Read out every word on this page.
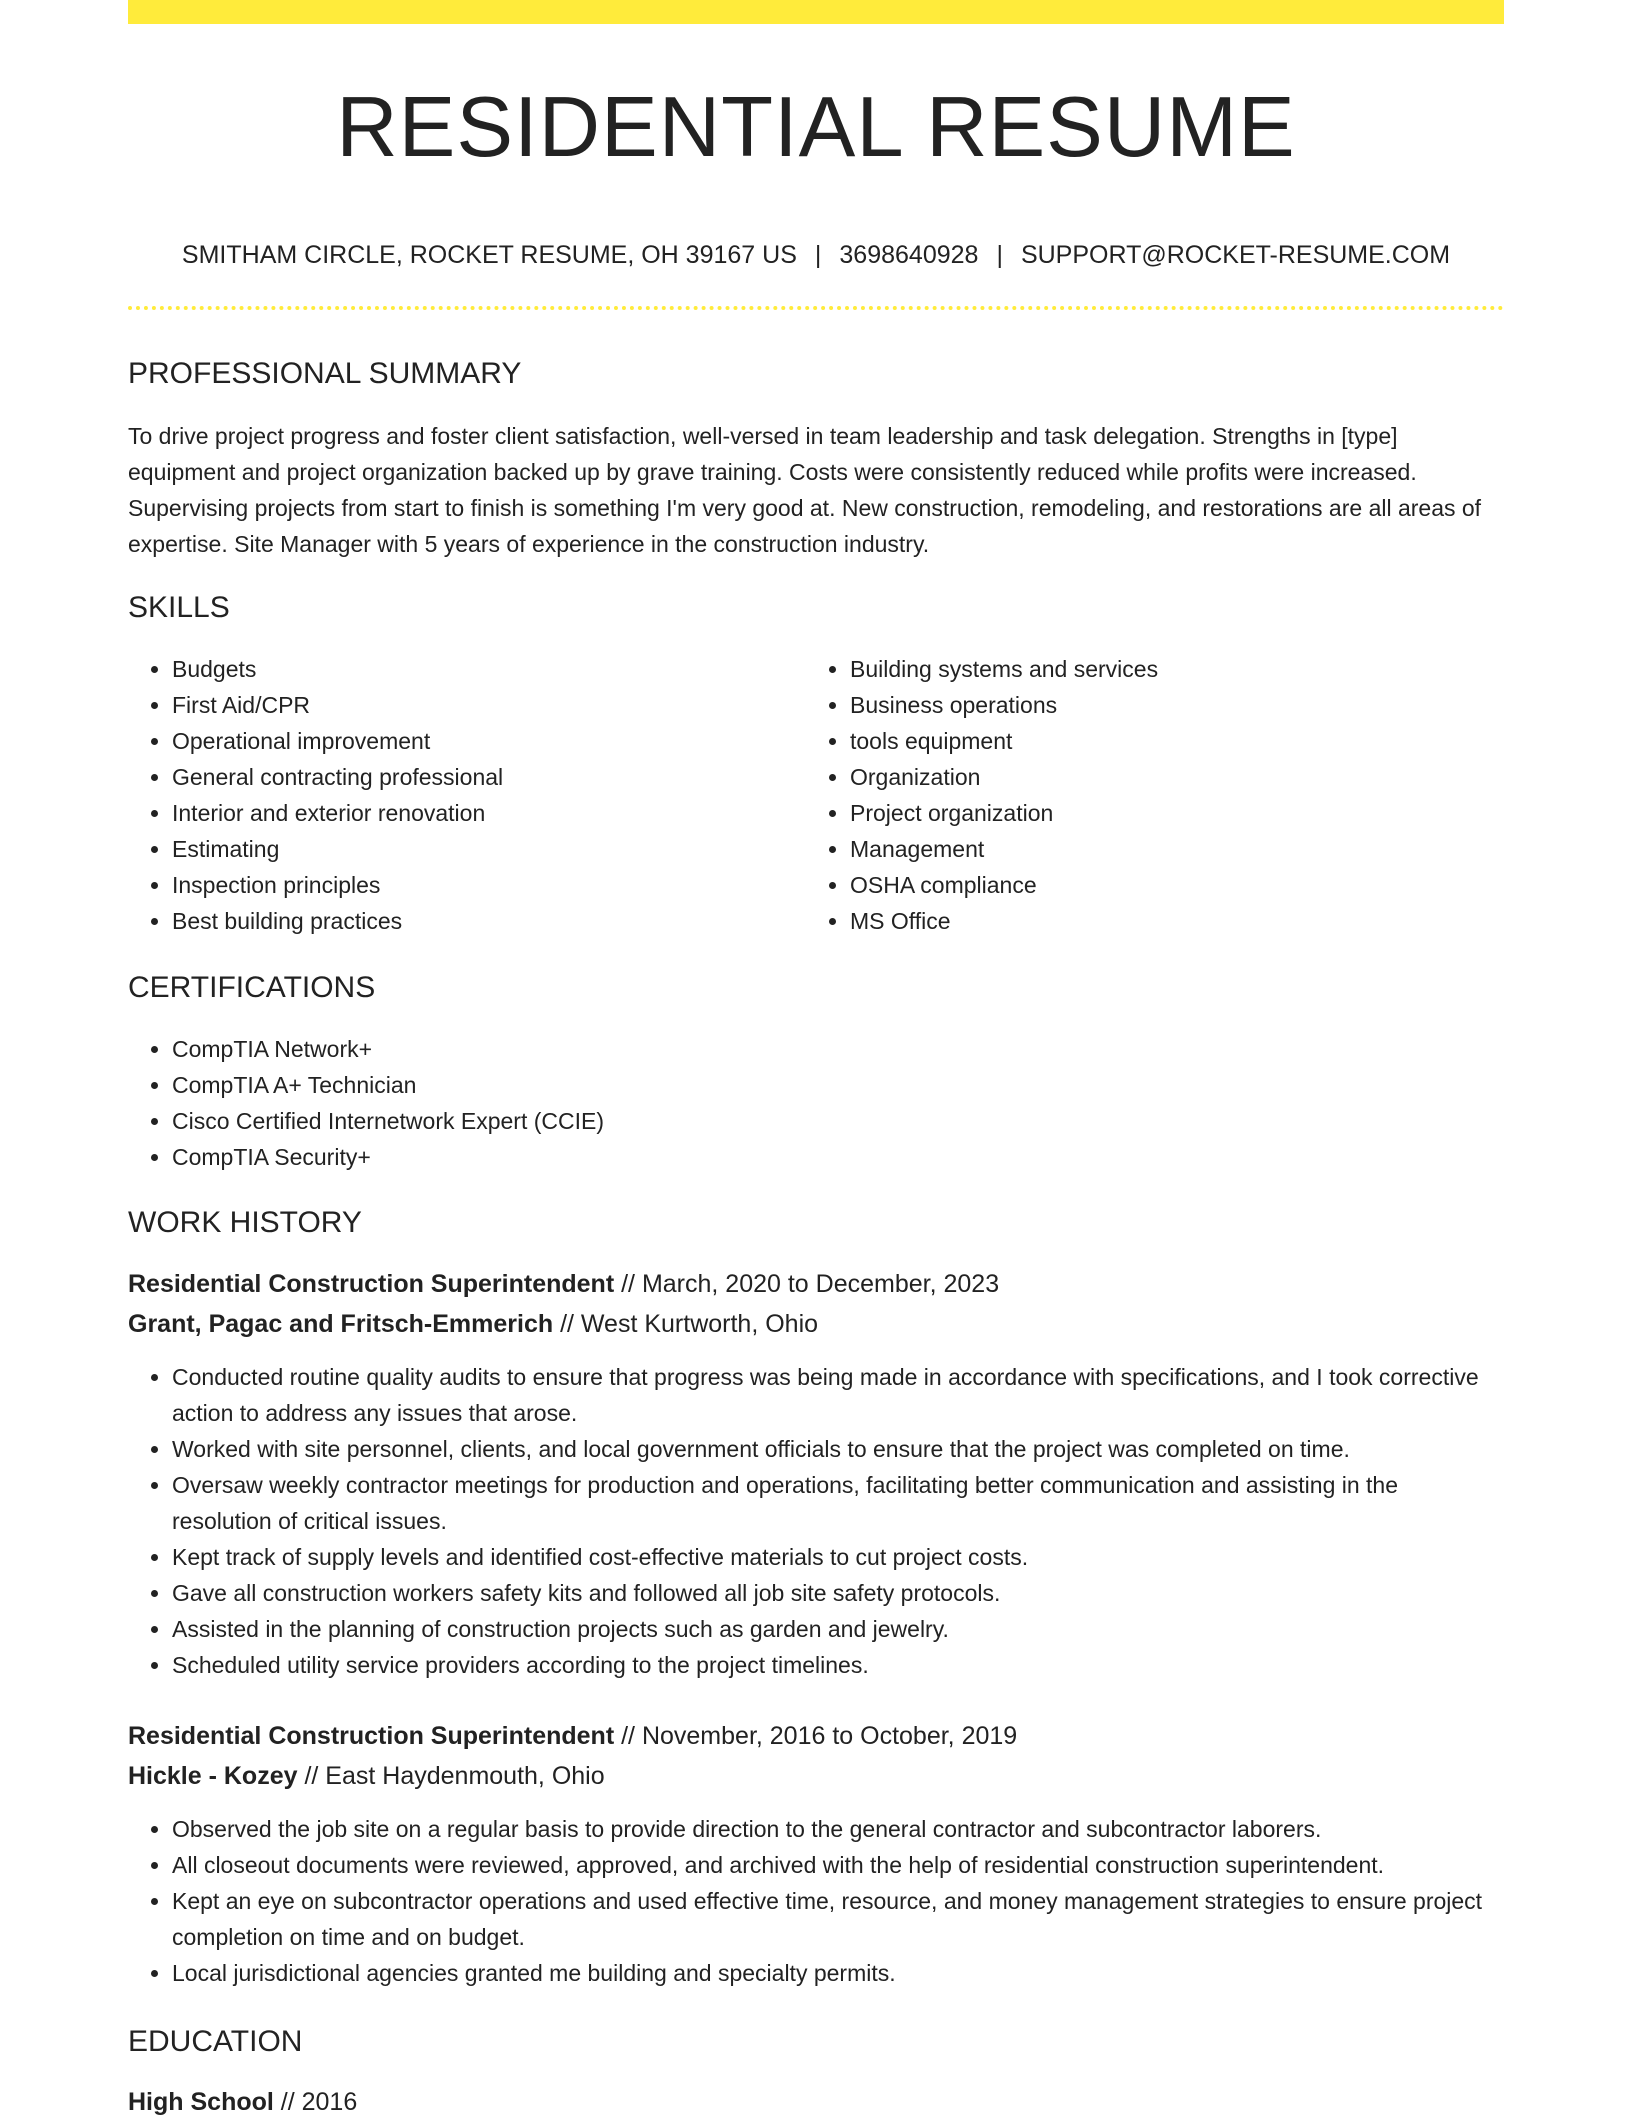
RESIDENTIAL RESUME
SMITHAM CIRCLE, ROCKET RESUME, OH 39167 US | 3698640928 | SUPPORT@ROCKET-RESUME.COM
PROFESSIONAL SUMMARY

To drive project progress and foster client satisfaction, well-versed in team leadership and task delegation. Strengths in [type] equipment and project organization backed up by grave training. Costs were consistently reduced while profits were increased. Supervising projects from start to finish is something I'm very good at. New construction, remodeling, and restorations are all areas of expertise. Site Manager with 5 years of experience in the construction industry.

SKILLS
• Budgets
• First Aid/CPR
• Operational improvement
• General contracting professional
• Interior and exterior renovation
• Estimating
• Inspection principles
• Best building practices
• Building systems and services
• Business operations
• tools equipment
• Organization
• Project organization
• Management
• OSHA compliance
• MS Office
CERTIFICATIONS
• CompTIA Network+
• CompTIA A+ Technician
• Cisco Certified Internetwork Expert (CCIE)
• CompTIA Security+
WORK HISTORY
Residential Construction Superintendent // March, 2020 to December, 2023
Grant, Pagac and Fritsch-Emmerich // West Kurtworth, Ohio
• Conducted routine quality audits to ensure that progress was being made in accordance with specifications, and I took corrective action to address any issues that arose.
• Worked with site personnel, clients, and local government officials to ensure that the project was completed on time.
• Oversaw weekly contractor meetings for production and operations, facilitating better communication and assisting in the resolution of critical issues.
• Kept track of supply levels and identified cost-effective materials to cut project costs.
• Gave all construction workers safety kits and followed all job site safety protocols.
• Assisted in the planning of construction projects such as garden and jewelry.
• Scheduled utility service providers according to the project timelines.
Residential Construction Superintendent // November, 2016 to October, 2019
Hickle - Kozey // East Haydenmouth, Ohio
• Observed the job site on a regular basis to provide direction to the general contractor and subcontractor laborers.
• All closeout documents were reviewed, approved, and archived with the help of residential construction superintendent.
• Kept an eye on subcontractor operations and used effective time, resource, and money management strategies to ensure project completion on time and on budget.
• Local jurisdictional agencies granted me building and specialty permits.
EDUCATION
High School // 2016
